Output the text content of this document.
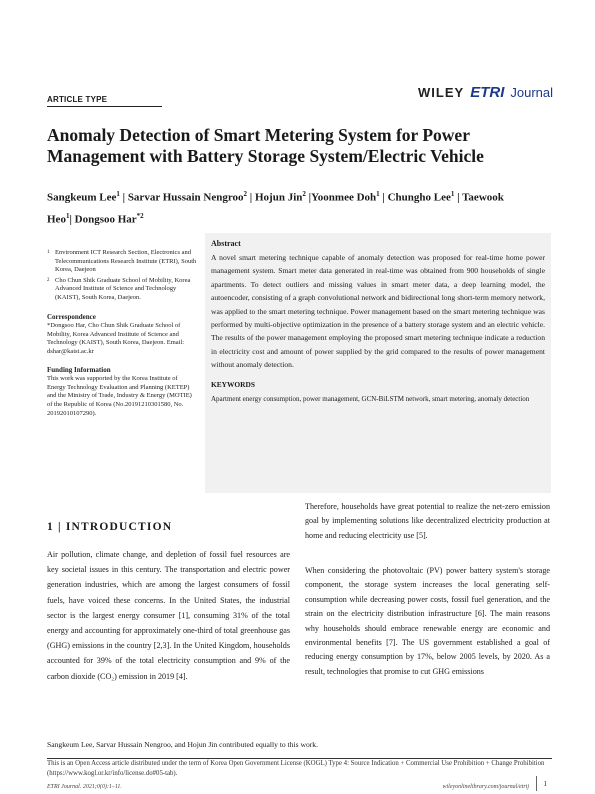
ARTICLE TYPE	WILEY ETRI Journal
Anomaly Detection of Smart Metering System for Power Management with Battery Storage System/Electric Vehicle
Sangkeum Lee$^1$ | Sarvar Hussain Nengroo$^2$ | Hojun Jin$^2$ |Yoonmee Doh$^1$ | Chungho Lee$^1$ | Taewook
Heo$^1$| Dongsoo Har$^{*2}$
1 Environment ICT Research Section, Electronics and Telecommunications Research Institute (ETRI), South Korea, Daejeon
2 Cho Chun Shik Graduate School of Mobility, Korea Advanced Institute of Science and Technology (KAIST), South Korea, Daejeon.
Correspondence
*Dongsoo Har, Cho Chun Shik Graduate School of Mobility, Korea Advanced Institute of Science and Technology (KAIST), South Korea, Daejeon. Email: dshar@kaist.ac.kr
Funding Information
This work was supported by the Korea Institute of Energy Technology Evaluation and Planning (KETEP) and the Ministry of Trade, Industry & Energy (MOTIE) of the Republic of Korea (No.20191210301580, No. 20192010107290).
Abstract
A novel smart metering technique capable of anomaly detection was proposed for real-time home power management system. Smart meter data generated in real-time was obtained from 900 households of single apartments. To detect outliers and missing values in smart meter data, a deep learning model, the autoencoder, consisting of a graph convolutional network and bidirectional long short-term memory network, was applied to the smart metering technique. Power management based on the smart metering technique was performed by multi-objective optimization in the presence of a battery storage system and an electric vehicle. The results of the power management employing the proposed smart metering technique indicate a reduction in electricity cost and amount of power supplied by the grid compared to the results of power management without anomaly detection.
KEYWORDS
Apartment energy consumption, power management, GCN-BiLSTM network, smart metering, anomaly detection
Therefore, households have great potential to realize the net-zero emission goal by implementing solutions like decentralized electricity production at home and reducing electricity use [5].
1 | INTRODUCTION
Air pollution, climate change, and depletion of fossil fuel resources are key societal issues in this century. The transportation and electric power generation industries, which are among the largest consumers of fossil fuels, have voiced these concerns. In the United States, the industrial sector is the largest energy consumer [1], consuming 31% of the total energy and accounting for approximately one-third of total greenhouse gas (GHG) emissions in the country [2,3]. In the United Kingdom, households accounted for 39% of the total electricity consumption and 9% of the carbon dioxide (CO₂) emission in 2019 [4].
When considering the photovoltaic (PV) power battery system's storage component, the storage system increases the local generating self-consumption while decreasing power costs, fossil fuel generation, and the strain on the electricity distribution infrastructure [6]. The main reasons why households should embrace renewable energy are economic and environmental benefits [7]. The US government established a goal of reducing energy consumption by 17%, below 2005 levels, by 2020. As a result, technologies that promise to cut GHG emissions
Sangkeum Lee, Sarvar Hussain Nengroo, and Hojun Jin contributed equally to this work.
This is an Open Access article distributed under the term of Korea Open Government License (KOGL) Type 4: Source Indication + Commercial Use Prohibition + Change Prohibition (https://www.kogl.or.kr/info/license.do#05-tab).
ETRI Journal. 2021;0(0):1–11.	wileyonlinelibrary.com/journal/etrij 1
